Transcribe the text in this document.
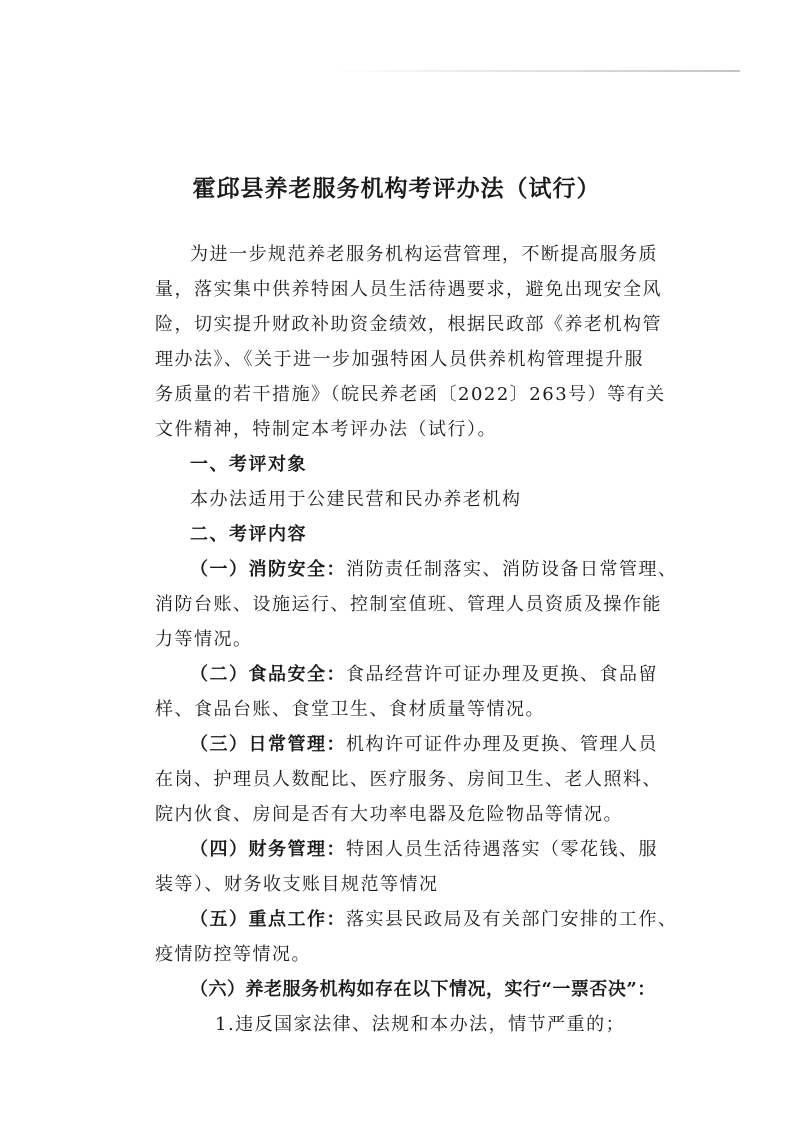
霍邱县养老服务机构考评办法（试行）

为进一步规范养老服务机构运营管理，不断提高服务质

量，落实集中供养特困人员生活待遇要求，避免出现安全风

险，切实提升财政补助资金绩效，根据民政部《养老机构管

理办法》、《关于进一步加强特困人员供养机构管理提升服

务质量的若干措施》（皖民养老函〔2022〕263号）等有关

文件精神，特制定本考评办法（试行）。

一、考评对象

本办法适用于公建民营和民办养老机构

二、考评内容

（一）消防安全：消防责任制落实、消防设备日常管理、

消防台账、设施运行、控制室值班、管理人员资质及操作能

力等情况。

（二）食品安全：食品经营许可证办理及更换、食品留

样、食品台账、食堂卫生、食材质量等情况。

（三）日常管理：机构许可证件办理及更换、管理人员

在岗、护理员人数配比、医疗服务、房间卫生、老人照料、

院内伙食、房间是否有大功率电器及危险物品等情况。

（四）财务管理：特困人员生活待遇落实（零花钱、服

装等）、财务收支账目规范等情况

（五）重点工作：落实县民政局及有关部门安排的工作、

疫情防控等情况。

（六）养老服务机构如存在以下情况，实行“一票否决”：

1.违反国家法律、法规和本办法，情节严重的；
